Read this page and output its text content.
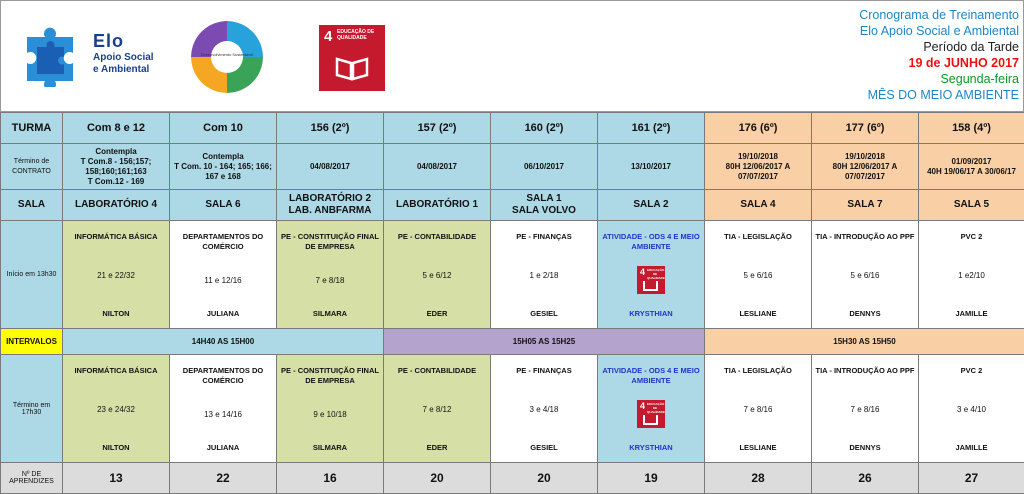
Elo
Apoio Social
e Ambiental
Desenvolvimento Sustentável
4 EDUCAÇÃO DE QUALIDADE
Cronograma de Treinamento
Elo Apoio Social e Ambiental
Período da Tarde
19 de JUNHO 2017
Segunda-feira
MÊS DO MEIO AMBIENTE
TURMA	Com 8 e 12	Com 10	156 (2º)	157 (2º)	160 (2º)	161 (2º)	176 (6º)	177 (6º)	158 (4º)
Término de CONTRATO	Contempla
T Com.8 - 156;157; 158;160;161;163
T Com.12 - 169	Contempla
T Com. 10 - 164; 165; 166; 167 e 168	04/08/2017	04/08/2017	06/10/2017	13/10/2017	19/10/2018
80H 12/06/2017 A 07/07/2017	19/10/2018
80H 12/06/2017 A 07/07/2017	01/09/2017
40H 19/06/17 A 30/06/17
SALA	LABORATÓRIO 4	SALA 6	LABORATÓRIO 2
LAB. ANBFARMA	LABORATÓRIO 1	SALA 1
SALA VOLVO	SALA 2	SALA 4	SALA 7	SALA 5
Início em 13h30	INFORMÁTICA BÁSICA
21 e 22/32
NILTON	DEPARTAMENTOS DO COMÉRCIO
11 e 12/16
JULIANA	PE - CONSTITUIÇÃO FINAL DE EMPRESA
7 e 8/18
SILMARA	PE - CONTABILIDADE
5 e 6/12
EDER	PE - FINANÇAS
1 e 2/18
GESIEL	ATIVIDADE - ODS 4 E MEIO AMBIENTE
4 EDUCAÇÃO DE QUALIDADE
KRYSTHIAN	TIA - LEGISLAÇÃO
5 e 6/16
LESLIANE	TIA - INTRODUÇÃO AO PPF
5 e 6/16
DENNYS	PVC 2
1 e2/10
JAMILLE

INTERVALOS	14H40 AS 15H00			15H05 AS 15H25			15H30 AS 15H50		
Término em 17h30	INFORMÁTICA BÁSICA
23 e 24/32
NILTON	DEPARTAMENTOS DO COMÉRCIO
13 e 14/16
JULIANA	PE - CONSTITUIÇÃO FINAL DE EMPRESA
9 e 10/18
SILMARA	PE - CONTABILIDADE
7 e 8/12
EDER	PE - FINANÇAS
3 e 4/18
GESIEL	ATIVIDADE - ODS 4 E MEIO AMBIENTE
4 EDUCAÇÃO DE QUALIDADE
KRYSTHIAN	TIA - LEGISLAÇÃO
7 e 8/16
LESLIANE	TIA - INTRODUÇÃO AO PPF
7 e 8/16
DENNYS	PVC 2
3 e 4/10
JAMILLE

Nº DE APRENDIZES	13	22	16	20	20	19	28	26	27
